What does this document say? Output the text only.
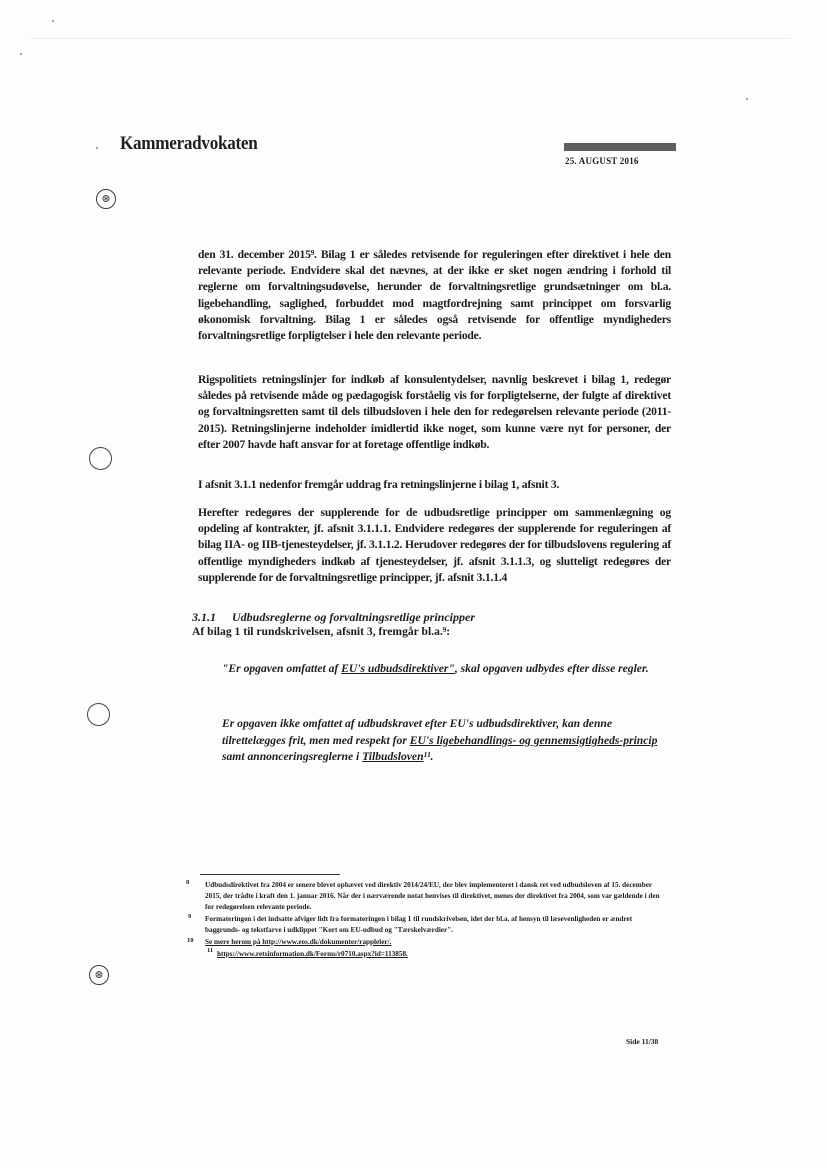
Kammeradvokaten
25. AUGUST 2016
⊛
⊛

den 31. december 2015⁹. Bilag 1 er således retvisende for reguleringen efter direktivet i hele den relevante periode. Endvidere skal det nævnes, at der ikke er sket nogen ændring i forhold til reglerne om forvaltningsudøvelse, herunder de forvaltningsretlige grundsætninger om bl.a. ligebehandling, saglighed, forbuddet mod magtfordrejning samt princippet om forsvarlig økonomisk forvaltning. Bilag 1 er således også retvisende for offentlige myndigheders forvaltningsretlige forpligtelser i hele den relevante periode.

Rigspolitiets retningslinjer for indkøb af konsulentydelser, navnlig beskrevet i bilag 1, redegør således på retvisende måde og pædagogisk forståelig vis for forpligtelserne, der fulgte af direktivet og forvaltningsretten samt til dels tilbudsloven i hele den for redegørelsen relevante periode (2011-2015). Retningslinjerne indeholder imidlertid ikke noget, som kunne være nyt for personer, der efter 2007 havde haft ansvar for at foretage offentlige indkøb.

I afsnit 3.1.1 nedenfor fremgår uddrag fra retningslinjerne i bilag 1, afsnit 3.

Herefter redegøres der supplerende for de udbudsretlige principper om sammenlægning og opdeling af kontrakter, jf. afsnit 3.1.1.1. Endvidere redegøres der supplerende for reguleringen af bilag IIA- og IIB-tjenesteydelser, jf. 3.1.1.2. Herudover redegøres der for tilbudslovens regulering af offentlige myndigheders indkøb af tjenesteydelser, jf. afsnit 3.1.1.3, og slutteligt redegøres der supplerende for de forvaltningsretlige principper, jf. afsnit 3.1.1.4

3.1.1 Udbudsreglerne og forvaltningsretlige principper
Af bilag 1 til rundskrivelsen, afsnit 3, fremgår bl.a.⁹:
"Er opgaven omfattet af EU's udbudsdirektiver", skal opgaven udbydes efter disse regler.
Er opgaven ikke omfattet af udbudskravet efter EU's udbudsdirektiver, kan denne tilrettelægges frit, men med respekt for EU's ligebehandlings- og gennemsigtigheds-princip samt annonceringsreglerne i Tilbudsloven¹¹.
8 Udbudsdirektivet fra 2004 er senere blevet ophævet ved direktiv 2014/24/EU, der blev implementeret i dansk ret ved udbudsloven af 15. december 2015, der trådte i kraft den 1. januar 2016. Når der i nærværende notat henvises til direktivet, menes der direktivet fra 2004, som var gældende i den for redegørelsen relevante periode.
9 Formateringen i det indsatte afviger lidt fra formateringen i bilag 1 til rundskrivelsen, idet der bl.a. af hensyn til læsevenligheden er ændret baggrunds- og tekstfarve i udklippet "Kort om EU-udbud og "Tærskelværdier".
10 Se mere herom på http://www.eos.dk/dokumenter/rappleler/.
11 https://www.retsinformation.dk/Forms/r0710.aspx?id=113858.
Side 11/38
